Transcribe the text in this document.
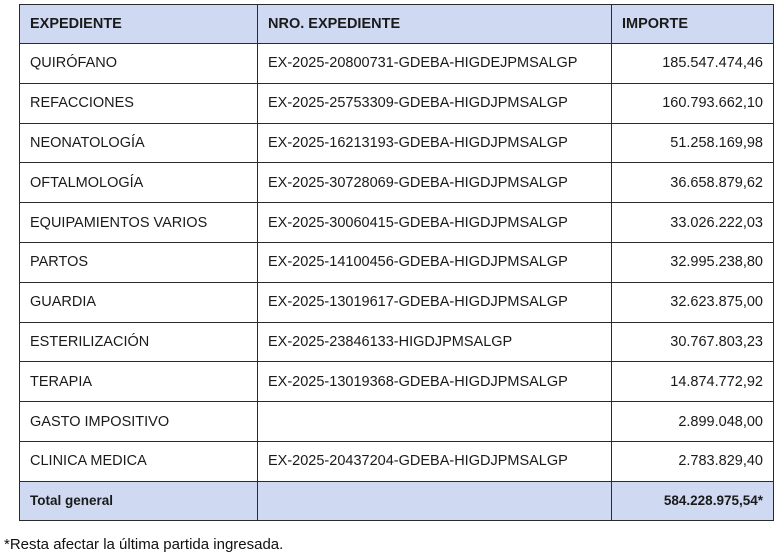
EXPEDIENTE	NRO. EXPEDIENTE	IMPORTE
QUIRÓFANO	EX-2025-20800731-GDEBA-HIGDEJPMSALGP	185.547.474,46
REFACCIONES	EX-2025-25753309-GDEBA-HIGDJPMSALGP	160.793.662,10
NEONATOLOGÍA	EX-2025-16213193-GDEBA-HIGDJPMSALGP	51.258.169,98
OFTALMOLOGÍA	EX-2025-30728069-GDEBA-HIGDJPMSALGP	36.658.879,62
EQUIPAMIENTOS VARIOS	EX-2025-30060415-GDEBA-HIGDJPMSALGP	33.026.222,03
PARTOS	EX-2025-14100456-GDEBA-HIGDJPMSALGP	32.995.238,80
GUARDIA	EX-2025-13019617-GDEBA-HIGDJPMSALGP	32.623.875,00
ESTERILIZACIÓN	EX-2025-23846133-HIGDJPMSALGP	30.767.803,23
TERAPIA	EX-2025-13019368-GDEBA-HIGDJPMSALGP	14.874.772,92
GASTO IMPOSITIVO		2.899.048,00
CLINICA MEDICA	EX-2025-20437204-GDEBA-HIGDJPMSALGP	2.783.829,40
Total general		584.228.975,54*
*Resta afectar la última partida ingresada.
